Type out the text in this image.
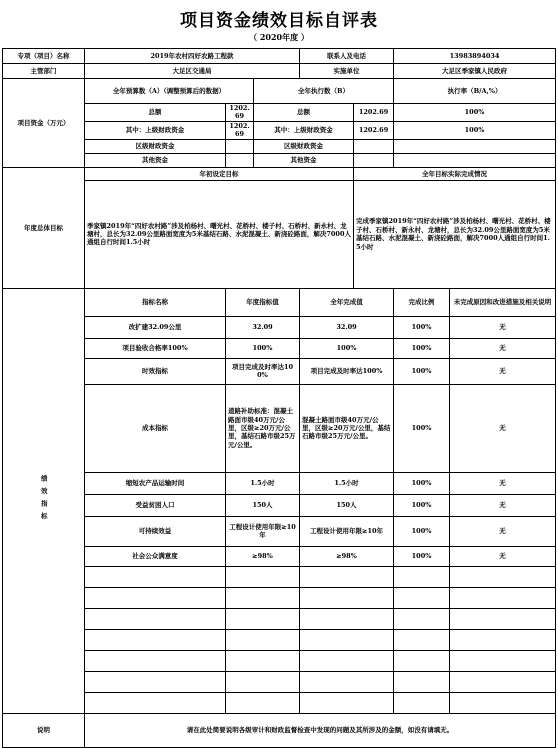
项目资金绩效目标自评表
（ 2020年度 ）
专项（项目）名称	2019年农村四好农路工程款			联系人及电话		13983894034	
主管部门	大足区交通局			实施单位		大足区季家镇人民政府	
项目资金（万元）	全年预算数（A）（调整预算后的数据）		全年执行数（B）			执行率（B/A,%）	
	总额	1202.69	总额		1202.69	100%	
	其中：上级财政资金	1202.69	其中：上级财政资金		1202.69	100%	
	区级财政资金		区级财政资金				
	其他资金		其他资金				
年度总体目标	年初设定目标				全年目标实际完成情况		
	季家镇2019年“四好农村路”涉及柏杨村、曙光村、花桥村、楼子村、石桥村、新永村、龙塘村，总长为32.09公里路面宽度为5米基结石路、水泥混凝土、新浇砼路面，解决7000人通组自行时间1.5小时				完成季家镇2019年“四好农村路”涉及柏杨村、曙光村、花桥村、楼子村、石桥村、新永村、龙塘村，总长为32.09公里路面宽度为5米基结石路、水泥混凝土、新浇砼路面，解决7000人通组自行时间1.5小时		
绩效指标	指标名称	年度指标值		全年完成值		完成比例	未完成原因和改进措施及相关说明
	改扩建32.09公里	32.09		32.09		100%	无
	项目验收合格率100%	100%		100%		100%	无
	时效指标	项目完成及时率达100%		项目完成及时率达100%		100%	无
	成本指标	道路补助标准：混凝土路面市级40万元/公里，区级≥20万元/公里，基结石路市级25万元/公里。		混凝土路面市级40万元/公里，区级≥20万元/公里，基结石路市级25万元/公里。		100%	无
	缩短农产品运输时间	1.5小时		1.5小时		100%	无
	受益贫困人口	150人		150人		100%	无
	可持续效益	工程设计使用年限≥10年		工程设计使用年限≥10年		100%	无
	社会公众满意度	≥98%		≥98%		100%	无

说明	请在此处简要说明各级审计和财政监督检查中发现的问题及其所涉及的金额，如没有请填无。						
